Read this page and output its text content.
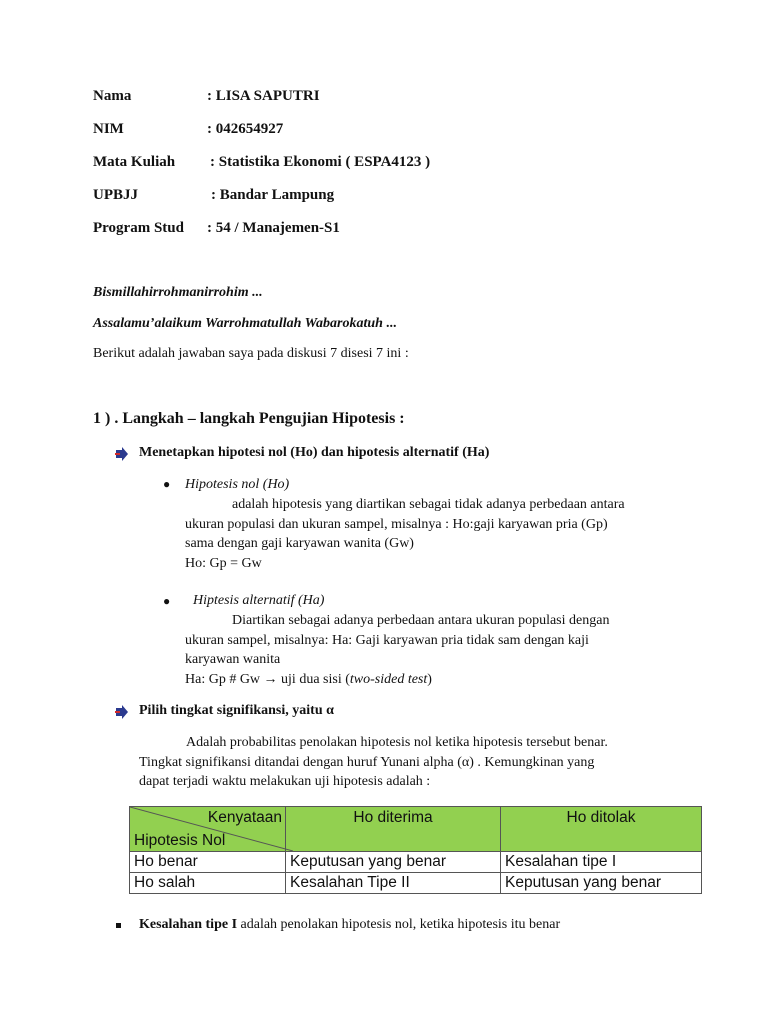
Nama	: LISA SAPUTRI
NIM	: 042654927
Mata Kuliah : Statistika Ekonomi ( ESPA4123 )
UPBJJ	: Bandar Lampung
Program Stud : 54 / Manajemen-S1
Bismillahirrohmanirrohim ...
Assalamu’alaikum Warrohmatullah Wabarokatuh ...
Berikut adalah jawaban saya pada diskusi 7 disesi 7 ini :
1 ) . Langkah – langkah Pengujian Hipotesis :
Menetapkan hipotesi nol (Ho) dan hipotesis alternatif (Ha)
● Hipotesis nol (Ho)
adalah hipotesis yang diartikan sebagai tidak adanya perbedaan antara
ukuran populasi dan ukuran sampel, misalnya : Ho:gaji karyawan pria (Gp)
sama dengan gaji karyawan wanita (Gw)
Ho: Gp = Gw
● Hiptesis alternatif (Ha)
Diartikan sebagai adanya perbedaan antara ukuran populasi dengan
ukuran sampel, misalnya: Ha: Gaji karyawan pria tidak sam dengan kaji
karyawan wanita
Ha: Gp # Gw → uji dua sisi (two-sided test)
Pilih tingkat signifikansi, yaitu α
Adalah probabilitas penolakan hipotesis nol ketika hipotesis tersebut benar.
Tingkat signifikansi ditandai dengan huruf Yunani alpha (α) . Kemungkinan yang
dapat terjadi waktu melakukan uji hipotesis adalah :
Kenyataan
Hipotesis Nol	Ho diterima	Ho ditolak
Ho benar	Keputusan yang benar	Kesalahan tipe I
Ho salah	Kesalahan Tipe II	Keputusan yang benar
Kesalahan tipe I adalah penolakan hipotesis nol, ketika hipotesis itu benar
